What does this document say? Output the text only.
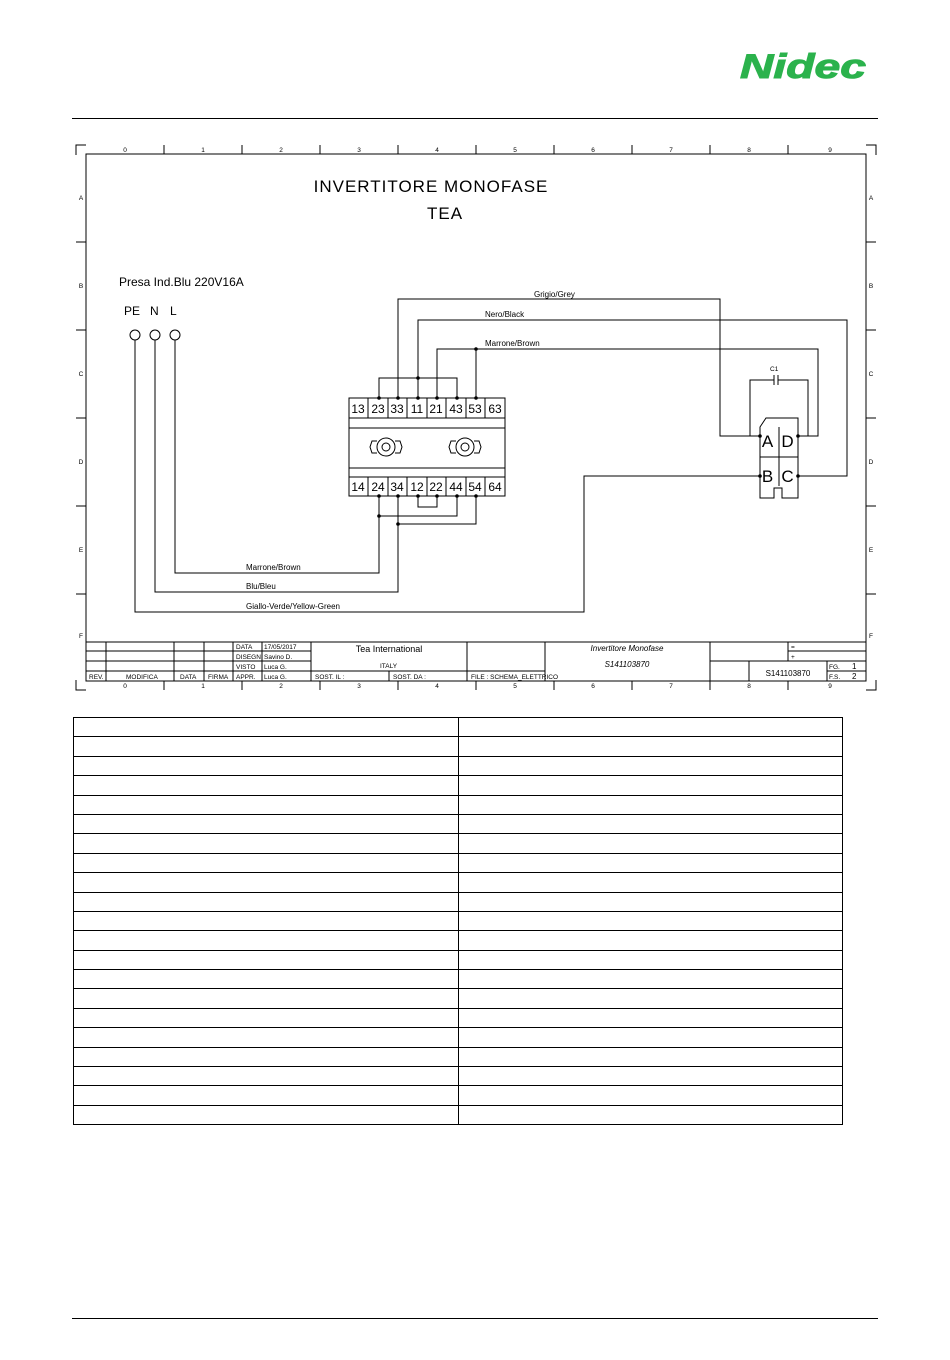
Nidec
0	1	2	3	4	5	6	7	8	9
0	1	2	3	4	5	6	7	8	9
A
B
C
D
E
F
A
B
C
D
E
F
INVERTITORE MONOFASE
TEA
Presa Ind.Blu 220V16A
PE N L
Marrone/Brown
Blu/Bleu
Giallo-Verde/Yellow-Green
13 23 33 11 21 43 53 63
14 24 34 12 22 44 54 64
Grigio/Grey
Nero/Black
Marrone/Brown
A D
B C
C1
DATA 17/05/2017
DISEGN. Savino D.
VISTO Luca G.
APPR. Luca G.
REV.	MODIFICA	DATA FIRMA
ITALY
SOST. IL :	SOST. DA :	FILE : SCHEMA_ELETTRICO
=
+
FG.
F.S.
Tea International	Invertitore Monofase
S141103870
S141103870
1
2
